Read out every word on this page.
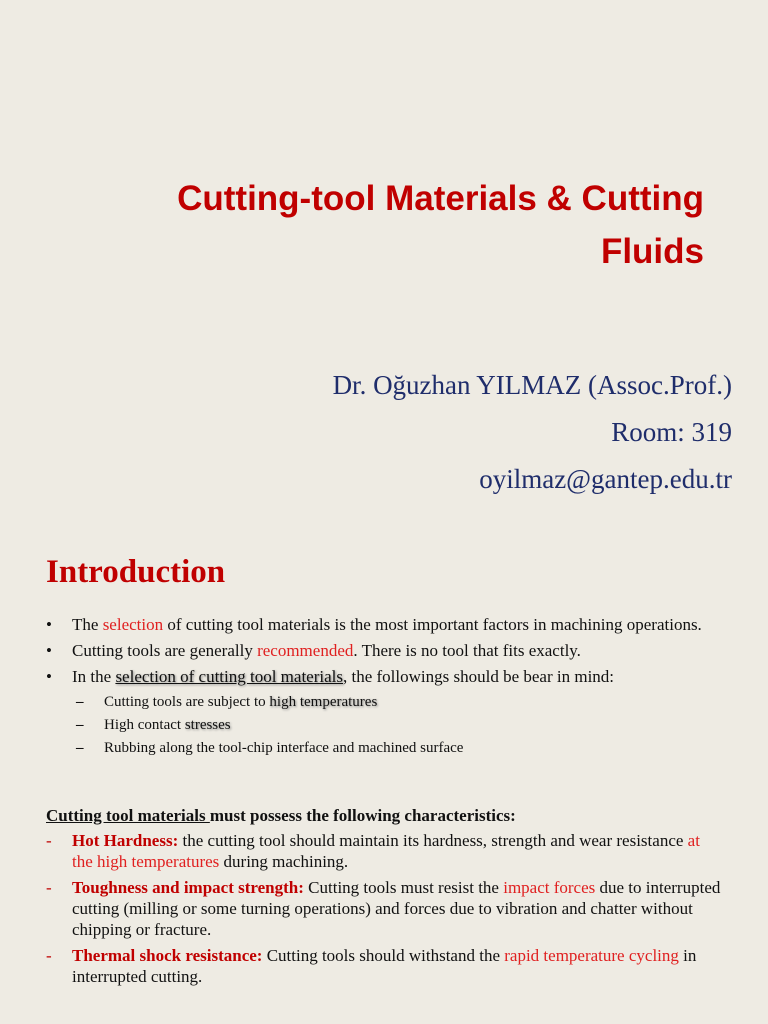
Cutting-tool Materials & Cutting
Fluids
Dr. Oğuzhan YILMAZ (Assoc.Prof.)
Room: 319
oyilmaz@gantep.edu.tr
Introduction
• The selection of cutting tool materials is the most important factors in machining operations.
• Cutting tools are generally recommended. There is no tool that fits exactly.
• In the selection of cutting tool materials, the followings should be bear in mind:
– Cutting tools are subject to high temperatures
– High contact stresses
– Rubbing along the tool-chip interface and machined surface
Cutting tool materials must possess the following characteristics:
- Hot Hardness: the cutting tool should maintain its hardness, strength and wear resistance at the high temperatures during machining.
- Toughness and impact strength: Cutting tools must resist the impact forces due to interrupted cutting (milling or some turning operations) and forces due to vibration and chatter without chipping or fracture.
- Thermal shock resistance: Cutting tools should withstand the rapid temperature cycling in interrupted cutting.
